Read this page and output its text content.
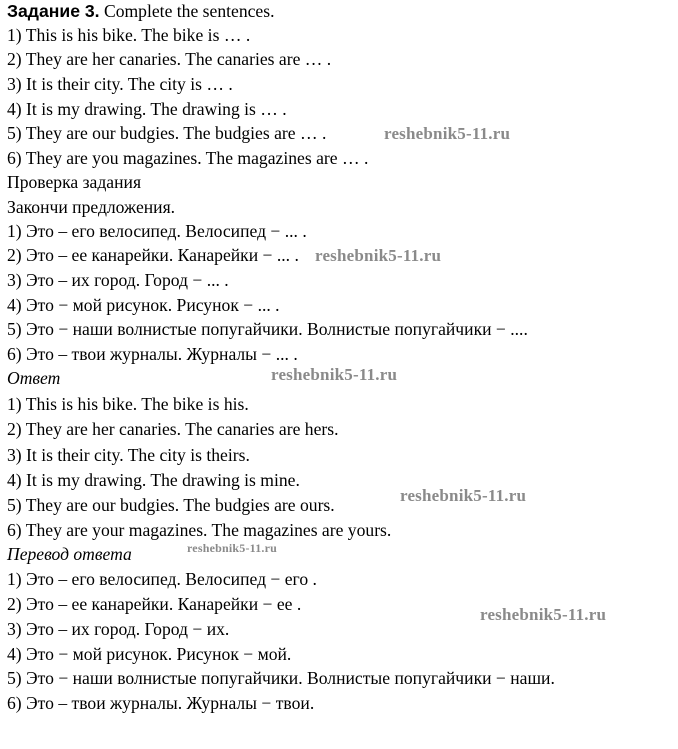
Задание 3. Complete the sentences.

1) This is his bike. The bike is … .

2) They are her canaries. The canaries are … .

3) It is their city. The city is … .

4) It is my drawing. The drawing is … .

5) They are our budgies. The budgies are … .

6) They are you magazines. The magazines are … .

Проверка задания

Закончи предложения.

1) Это – его велосипед. Велосипед − ... .

2) Это – ее канарейки. Канарейки − ... .

3) Это – их город. Город − ... .

4) Это − мой рисунок. Рисунок − ... .

5) Это − наши волнистые попугайчики. Волнистые попугайчики − ....

6) Это – твои журналы. Журналы − ... .

Ответ

1) This is his bike. The bike is his.

2) They are her canaries. The canaries are hers.

3) It is their city. The city is theirs.

4) It is my drawing. The drawing is mine.

5) They are our budgies. The budgies are ours.

6) They are your magazines. The magazines are yours.

Перевод ответа

1) Это – его велосипед. Велосипед − его .

2) Это – ее канарейки. Канарейки − ее .

3) Это – их город. Город − их.

4) Это − мой рисунок. Рисунок − мой.

5) Это − наши волнистые попугайчики. Волнистые попугайчики − наши.

6) Это – твои журналы. Журналы − твои.

reshebnik5-11.ru
reshebnik5-11.ru
reshebnik5-11.ru
reshebnik5-11.ru
reshebnik5-11.ru
reshebnik5-11.ru
